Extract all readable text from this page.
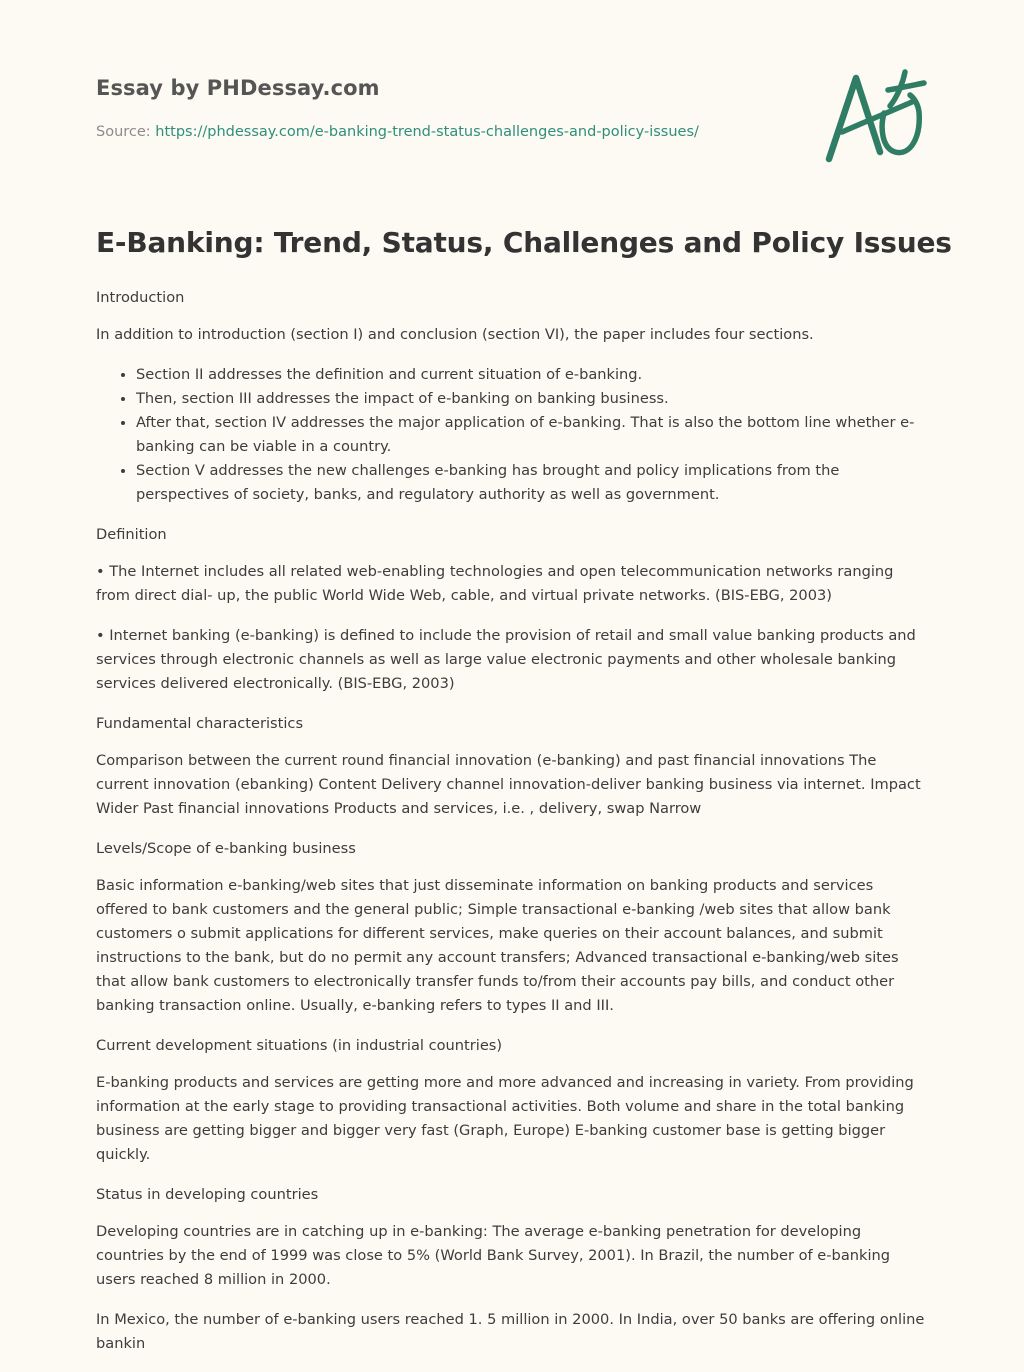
Essay by PHDessay.com

Source: https://phdessay.com/e-banking-trend-status-challenges-and-policy-issues/

E-Banking: Trend, Status, Challenges and Policy Issues

Introduction

In addition to introduction (section I) and conclusion (section VI), the paper includes four sections.

• Section II addresses the definition and current situation of e-banking.
• Then, section III addresses the impact of e-banking on banking business.
• After that, section IV addresses the major application of e-banking. That is also the bottom line whether e-banking can be viable in a country.
• Section V addresses the new challenges e-banking has brought and policy implications from the perspectives of society, banks, and regulatory authority as well as government.

Definition

• The Internet includes all related web-enabling technologies and open telecommunication networks ranging from direct dial- up, the public World Wide Web, cable, and virtual private networks. (BIS-EBG, 2003)

• Internet banking (e-banking) is defined to include the provision of retail and small value banking products and services through electronic channels as well as large value electronic payments and other wholesale banking services delivered electronically. (BIS-EBG, 2003)

Fundamental characteristics

Comparison between the current round financial innovation (e-banking) and past financial innovations The current innovation (ebanking) Content Delivery channel innovation-deliver banking business via internet. Impact Wider Past financial innovations Products and services, i.e. , delivery, swap Narrow

Levels/Scope of e-banking business

Basic information e-banking/web sites that just disseminate information on banking products and services offered to bank customers and the general public; Simple transactional e-banking /web sites that allow bank customers o submit applications for different services, make queries on their account balances, and submit instructions to the bank, but do no permit any account transfers; Advanced transactional e-banking/web sites that allow bank customers to electronically transfer funds to/from their accounts pay bills, and conduct other banking transaction online. Usually, e-banking refers to types II and III.

Current development situations (in industrial countries)

E-banking products and services are getting more and more advanced and increasing in variety. From providing information at the early stage to providing transactional activities. Both volume and share in the total banking business are getting bigger and bigger very fast (Graph, Europe) E-banking customer base is getting bigger quickly.

Status in developing countries

Developing countries are in catching up in e-banking: The average e-banking penetration for developing countries by the end of 1999 was close to 5% (World Bank Survey, 2001). In Brazil, the number of e-banking users reached 8 million in 2000.

In Mexico, the number of e-banking users reached 1. 5 million in 2000. In India, over 50 banks are offering online bankin
